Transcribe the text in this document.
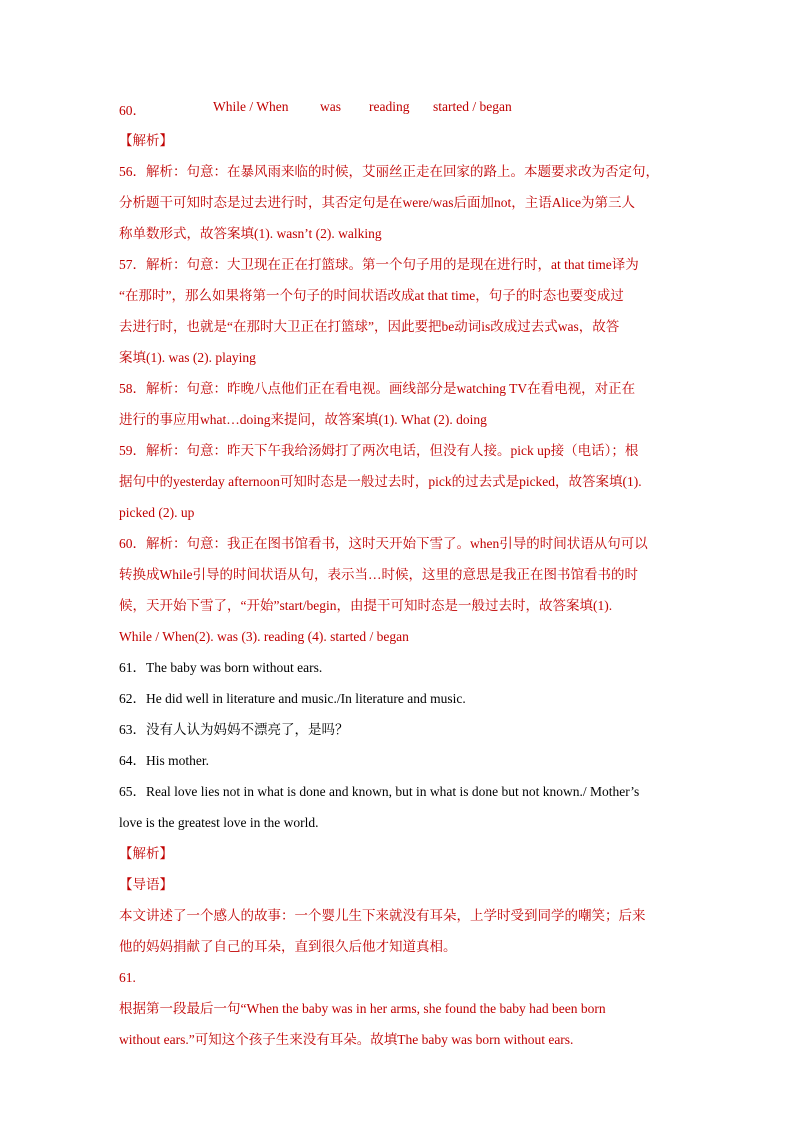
60．	While / When was reading started / began
【解析】
56．解析：句意：在暴风雨来临的时候，艾丽丝正走在回家的路上。本题要求改为否定句，
分析题干可知时态是过去进行时，其否定句是在were/was后面加not，主语Alice为第三人
称单数形式，故答案填(1). wasn’t (2). walking
57．解析：句意：大卫现在正在打篮球。第一个句子用的是现在进行时，at that time译为
“在那时”，那么如果将第一个句子的时间状语改成at that time，句子的时态也要变成过
去进行时，也就是“在那时大卫正在打篮球”，因此要把be动词is改成过去式was，故答
案填(1). was (2). playing
58．解析：句意：昨晚八点他们正在看电视。画线部分是watching TV在看电视，对正在
进行的事应用what…doing来提问，故答案填(1). What (2). doing
59．解析：句意：昨天下午我给汤姆打了两次电话，但没有人接。pick up接（电话）；根
据句中的yesterday afternoon可知时态是一般过去时，pick的过去式是picked，故答案填(1).
picked (2). up
60．解析：句意：我正在图书馆看书，这时天开始下雪了。when引导的时间状语从句可以
转换成While引导的时间状语从句，表示当…时候，这里的意思是我正在图书馆看书的时
候，天开始下雪了，“开始”start/begin，由提干可知时态是一般过去时，故答案填(1).
While / When(2). was (3). reading (4). started / began
61．The baby was born without ears.
62．He did well in literature and music./In literature and music.
63．没有人认为妈妈不漂亮了，是吗？
64．His mother.
65．Real love lies not in what is done and known, but in what is done but not known./ Mother’s
love is the greatest love in the world.
【解析】
【导语】
本文讲述了一个感人的故事：一个婴儿生下来就没有耳朵，上学时受到同学的嘲笑；后来
他的妈妈捐献了自己的耳朵，直到很久后他才知道真相。
61.
根据第一段最后一句“When the baby was in her arms, she found the baby had been born
without ears.”可知这个孩子生来没有耳朵。故填The baby was born without ears.
